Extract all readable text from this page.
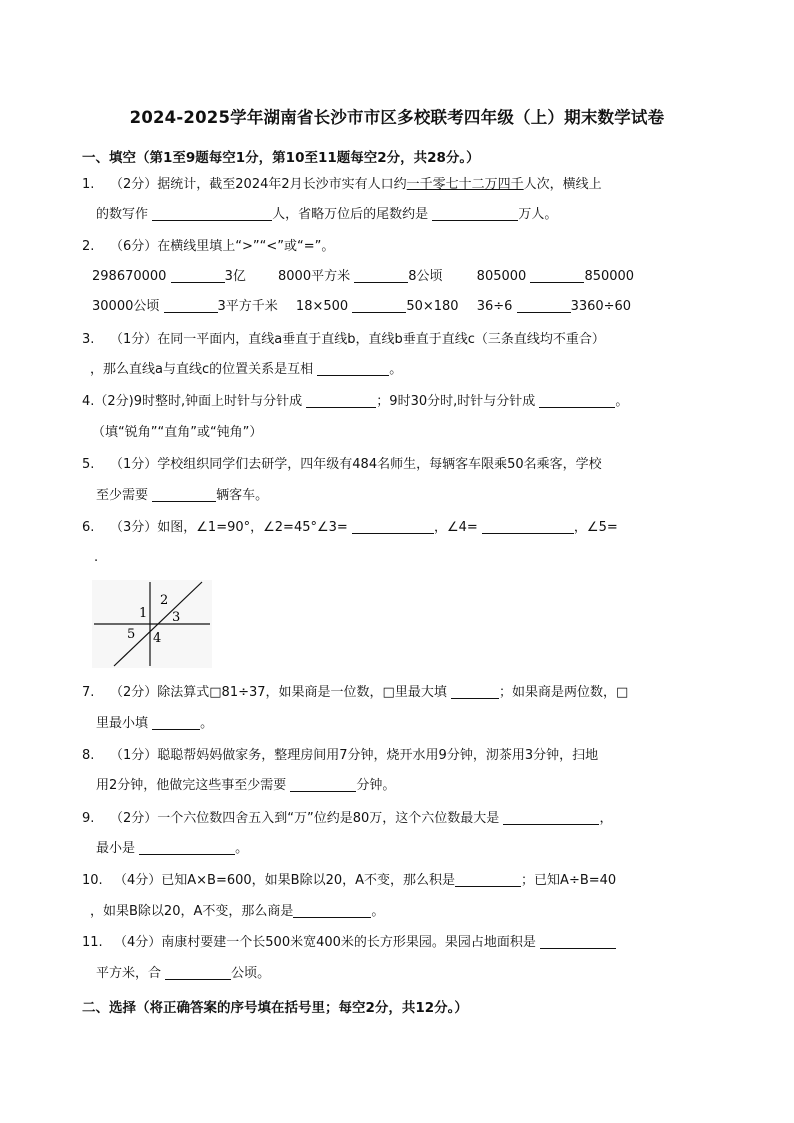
2024-2025学年湖南省长沙市市区多校联考四年级（上）期末数学试卷
一、填空（第1至9题每空1分，第10至11题每空2分，共28分。）
1. （2分）据统计，截至2024年2月长沙市实有人口约一千零七十二万四千人次，横线上
的数写作	人，省略万位后的尾数约是	万人。
2. （6分）在横线里填上“>”“<”或“=”。
298670000	3亿 8000平方米	8公顷	805000	850000
30000公顷	3平方千米 18×500	50×180 36÷6	3360÷60
3. （1分）在同一平面内，直线a垂直于直线b，直线b垂直于直线c（三条直线均不重合）
，那么直线a与直线c的位置关系是互相	。
4.（2分)9时整时,钟面上时针与分针成	；9时30分时,时针与分针成	。
（填“锐角”“直角”或“钝角”）
5. （1分）学校组织同学们去研学，四年级有484名师生，每辆客车限乘50名乘客，学校
至少需要	辆客车。
6. （3分）如图，∠1=90°，∠2=45°∠3=	，∠4=	，∠5=
.
1
2
3
5 4
7. （2分）除法算式□81÷37，如果商是一位数，□里最大填	；如果商是两位数，□
里最小填	。
8. （1分）聪聪帮妈妈做家务，整理房间用7分钟，烧开水用9分钟，沏茶用3分钟，扫地
用2分钟，他做完这些事至少需要	分钟。
9. （2分）一个六位数四舍五入到“万”位约是80万，这个六位数最大是	，
最小是	。
10. （4分）已知A×B=600，如果B除以20，A不变，那么积是	；已知A÷B=40
，如果B除以20，A不变，那么商是	。
11. （4分）南康村要建一个长500米宽400米的长方形果园。果园占地面积是
平方米，合	公顷。
二、选择（将正确答案的序号填在括号里；每空2分，共12分。）
